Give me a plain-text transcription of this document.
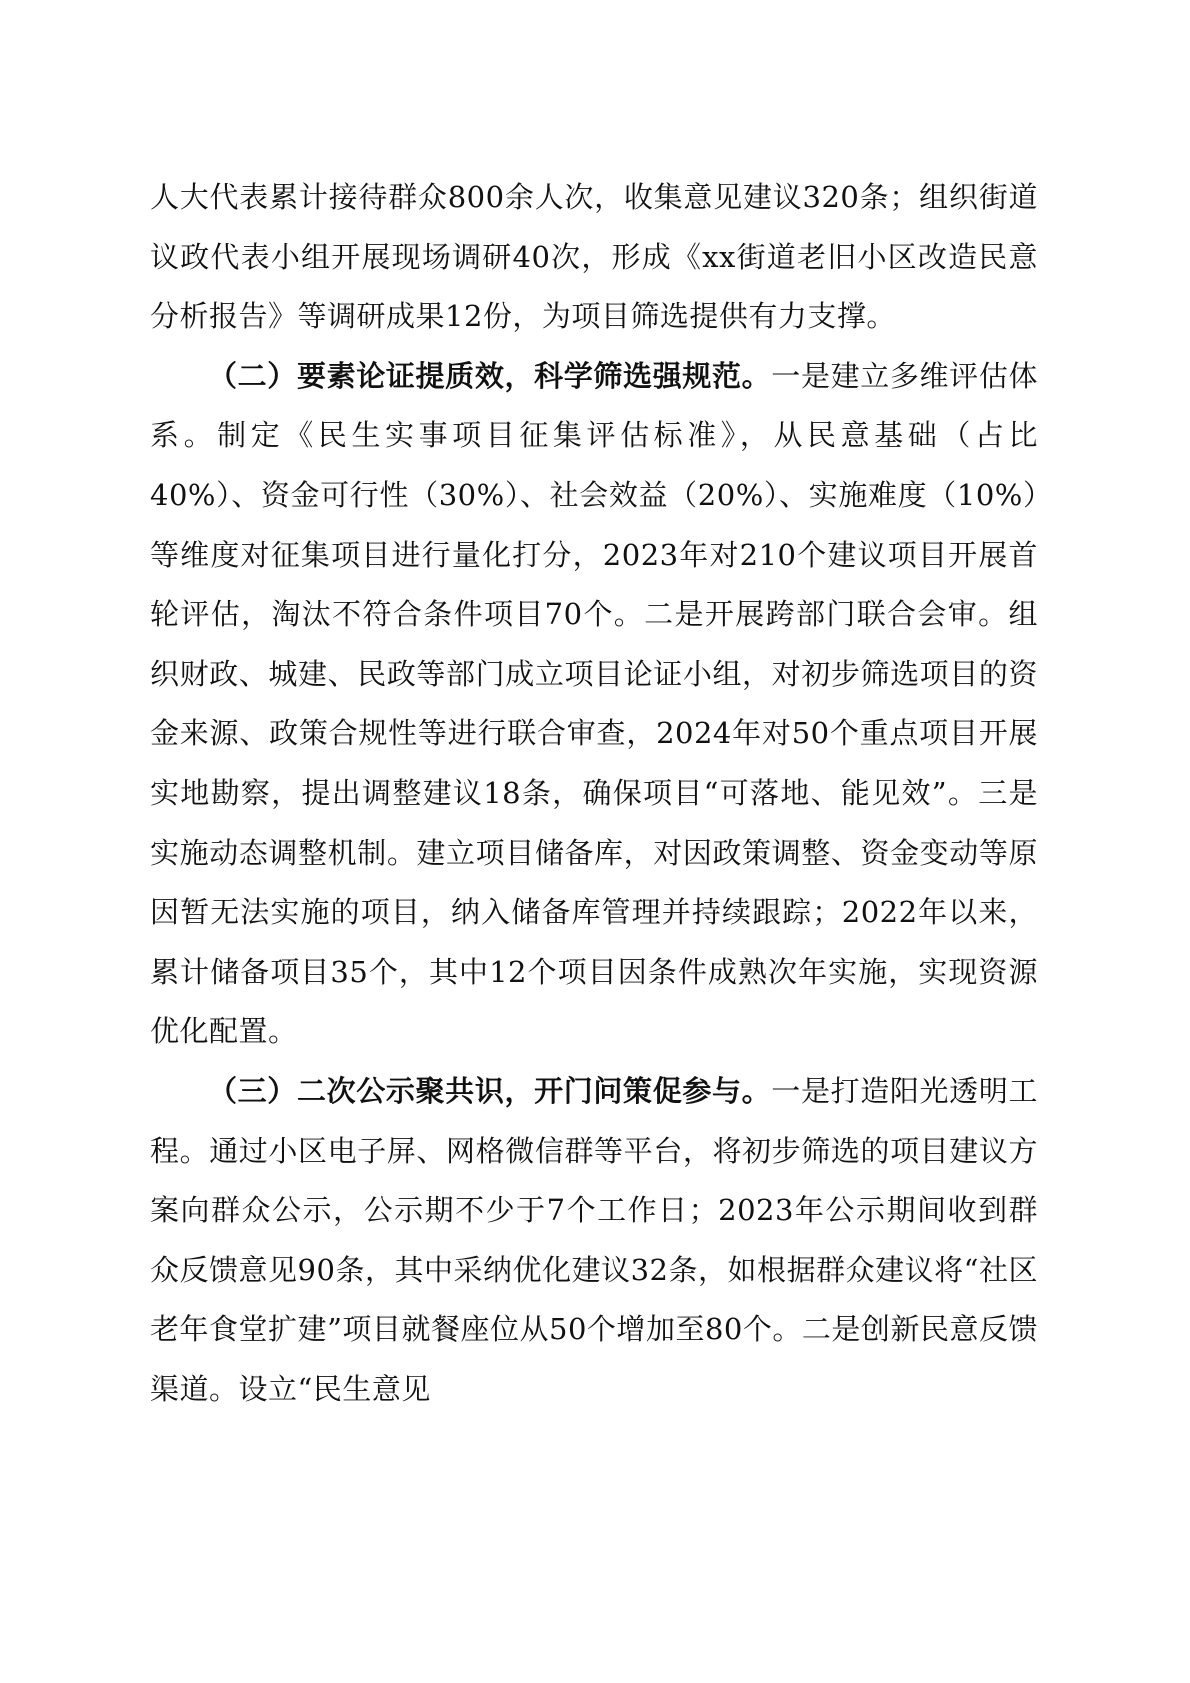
人大代表累计接待群众800余人次，收集意见建议320条；组织街道议政代表小组开展现场调研40次，形成《xx街道老旧小区改造民意分析报告》等调研成果12份，为项目筛选提供有力支撑。

（二）要素论证提质效，科学筛选强规范。一是建立多维评估体系。制定《民生实事项目征集评估标准》，从民意基础（占比40%）、资金可行性（30%）、社会效益（20%）、实施难度（10%）等维度对征集项目进行量化打分，2023年对210个建议项目开展首轮评估，淘汰不符合条件项目70个。二是开展跨部门联合会审。组织财政、城建、民政等部门成立项目论证小组，对初步筛选项目的资金来源、政策合规性等进行联合审查，2024年对50个重点项目开展实地勘察，提出调整建议18条，确保项目“可落地、能见效”。三是实施动态调整机制。建立项目储备库，对因政策调整、资金变动等原因暂无法实施的项目，纳入储备库管理并持续跟踪；2022年以来，累计储备项目35个，其中12个项目因条件成熟次年实施，实现资源优化配置。

（三）二次公示聚共识，开门问策促参与。一是打造阳光透明工程。通过小区电子屏、网格微信群等平台，将初步筛选的项目建议方案向群众公示，公示期不少于7个工作日；2023年公示期间收到群众反馈意见90条，其中采纳优化建议32条，如根据群众建议将“社区老年食堂扩建”项目就餐座位从50个增加至80个。二是创新民意反馈渠道。设立“民生意见
